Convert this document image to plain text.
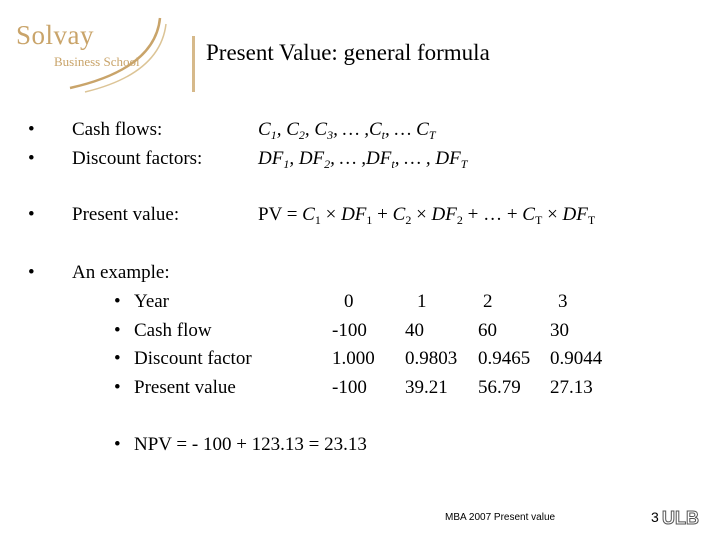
Solvay
Business School	Present Value: general formula
• Cash flows:	$C_1$, $C_2$, $C_3$, … $,C_t$, … $C_T$
• Discount factors:	$DF_1$, $DF_2$, … $,DF_t$, … , $DF_T$
• Present value:	PV = $C_1 \times DF_1 + C_2 \times DF_2$ + … + $C_T \times DF_T$
• An example:
• Year	0	1	2	3
• Cash flow	-100 40	60	30
• Discount factor	1.000 0.9803 0.9465 0.9044
• Present value	-100 39.21 56.79 27.13
• NPV = - 100 + 123.13 = 23.13
MBA 2007 Present value	3 ULB
